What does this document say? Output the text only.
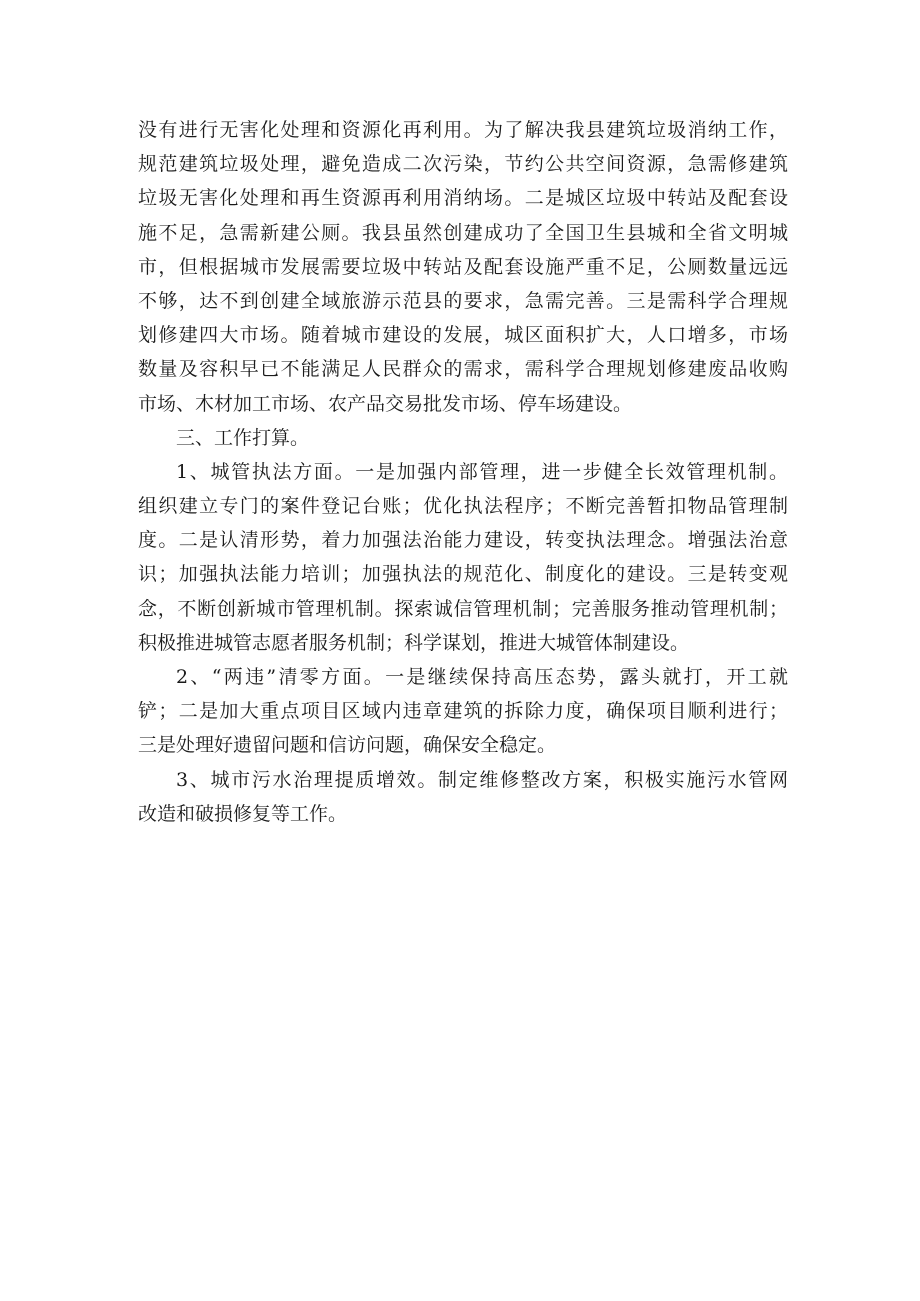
没有进行无害化处理和资源化再利用。为了解决我县建筑垃圾消纳工作，
规范建筑垃圾处理，避免造成二次污染，节约公共空间资源，急需修建筑
垃圾无害化处理和再生资源再利用消纳场。二是城区垃圾中转站及配套设
施不足，急需新建公厕。我县虽然创建成功了全国卫生县城和全省文明城
市，但根据城市发展需要垃圾中转站及配套设施严重不足，公厕数量远远
不够，达不到创建全域旅游示范县的要求，急需完善。三是需科学合理规
划修建四大市场。随着城市建设的发展，城区面积扩大，人口增多，市场
数量及容积早已不能满足人民群众的需求，需科学合理规划修建废品收购
市场、木材加工市场、农产品交易批发市场、停车场建设。
三、工作打算。
1、城管执法方面。一是加强内部管理，进一步健全长效管理机制。
组织建立专门的案件登记台账；优化执法程序；不断完善暂扣物品管理制
度。二是认清形势，着力加强法治能力建设，转变执法理念。增强法治意
识；加强执法能力培训；加强执法的规范化、制度化的建设。三是转变观
念，不断创新城市管理机制。探索诚信管理机制；完善服务推动管理机制；
积极推进城管志愿者服务机制；科学谋划，推进大城管体制建设。
2、“两违”清零方面。一是继续保持高压态势，露头就打，开工就
铲；二是加大重点项目区域内违章建筑的拆除力度，确保项目顺利进行；
三是处理好遗留问题和信访问题，确保安全稳定。
3、城市污水治理提质增效。制定维修整改方案，积极实施污水管网
改造和破损修复等工作。
